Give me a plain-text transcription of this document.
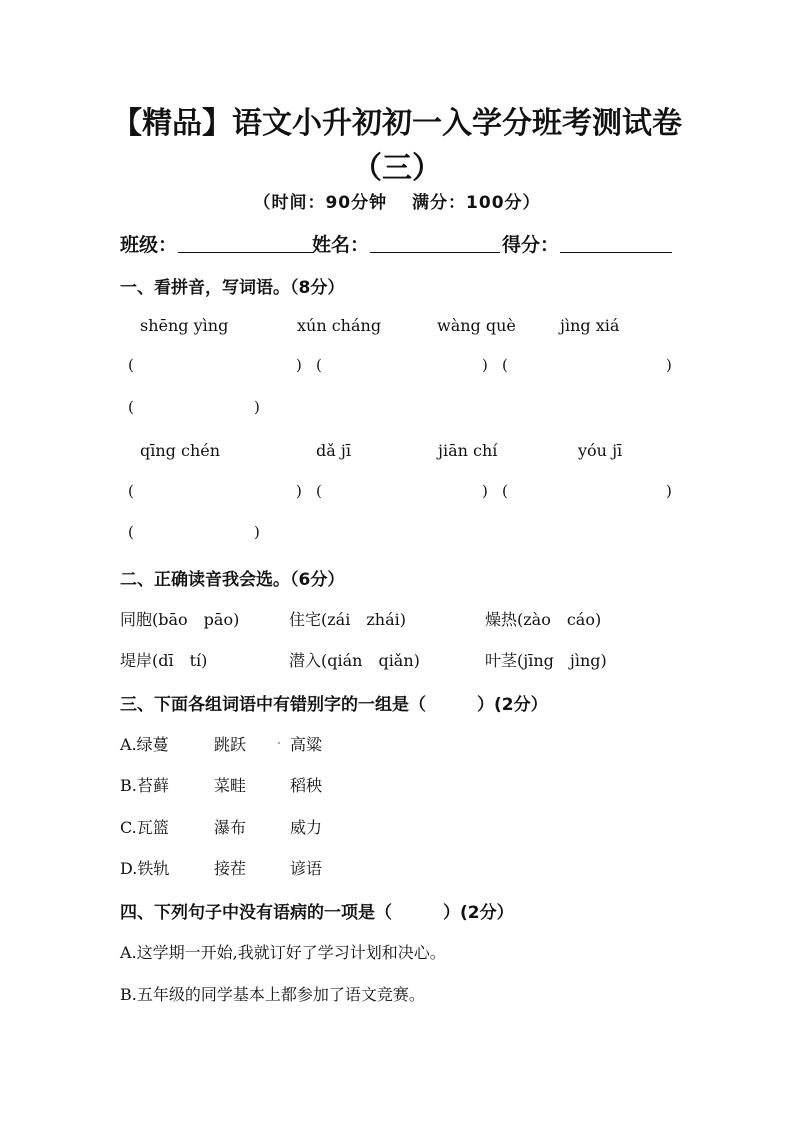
【精品】语文小升初初一入学分班考测试卷
（三）
（时间：90分钟　 满分：100分）
班级：	姓名：	得分：
一、看拼音，写词语。（8分）
shēng yìng	xún cháng	wàng què	jìng xiá
(	) (	) (	)
(	)
qīng chén	dǎ jī	jiān chí	yóu jī
(	) (	) (	)
(	)
二、正确读音我会选。（6分）
同胞(bāo　pāo)	住宅(zái　zhái)	燥热(zào　cáo)
堤岸(dī　tí)	潜入(qián　qiǎn)	叶茎(jīng　jìng)
三、下面各组词语中有错别字的一组是（　　　）(2分）
A.绿蔓	跳跃	高粱
B.苔藓	菜畦	稻秧
C.瓦篮	瀑布	威力
D.铁轨	接茬	谚语
四、下列句子中没有语病的一项是（　　　）(2分）
A.这学期一开始,我就订好了学习计划和决心。
B.五年级的同学基本上都参加了语文竞赛。
